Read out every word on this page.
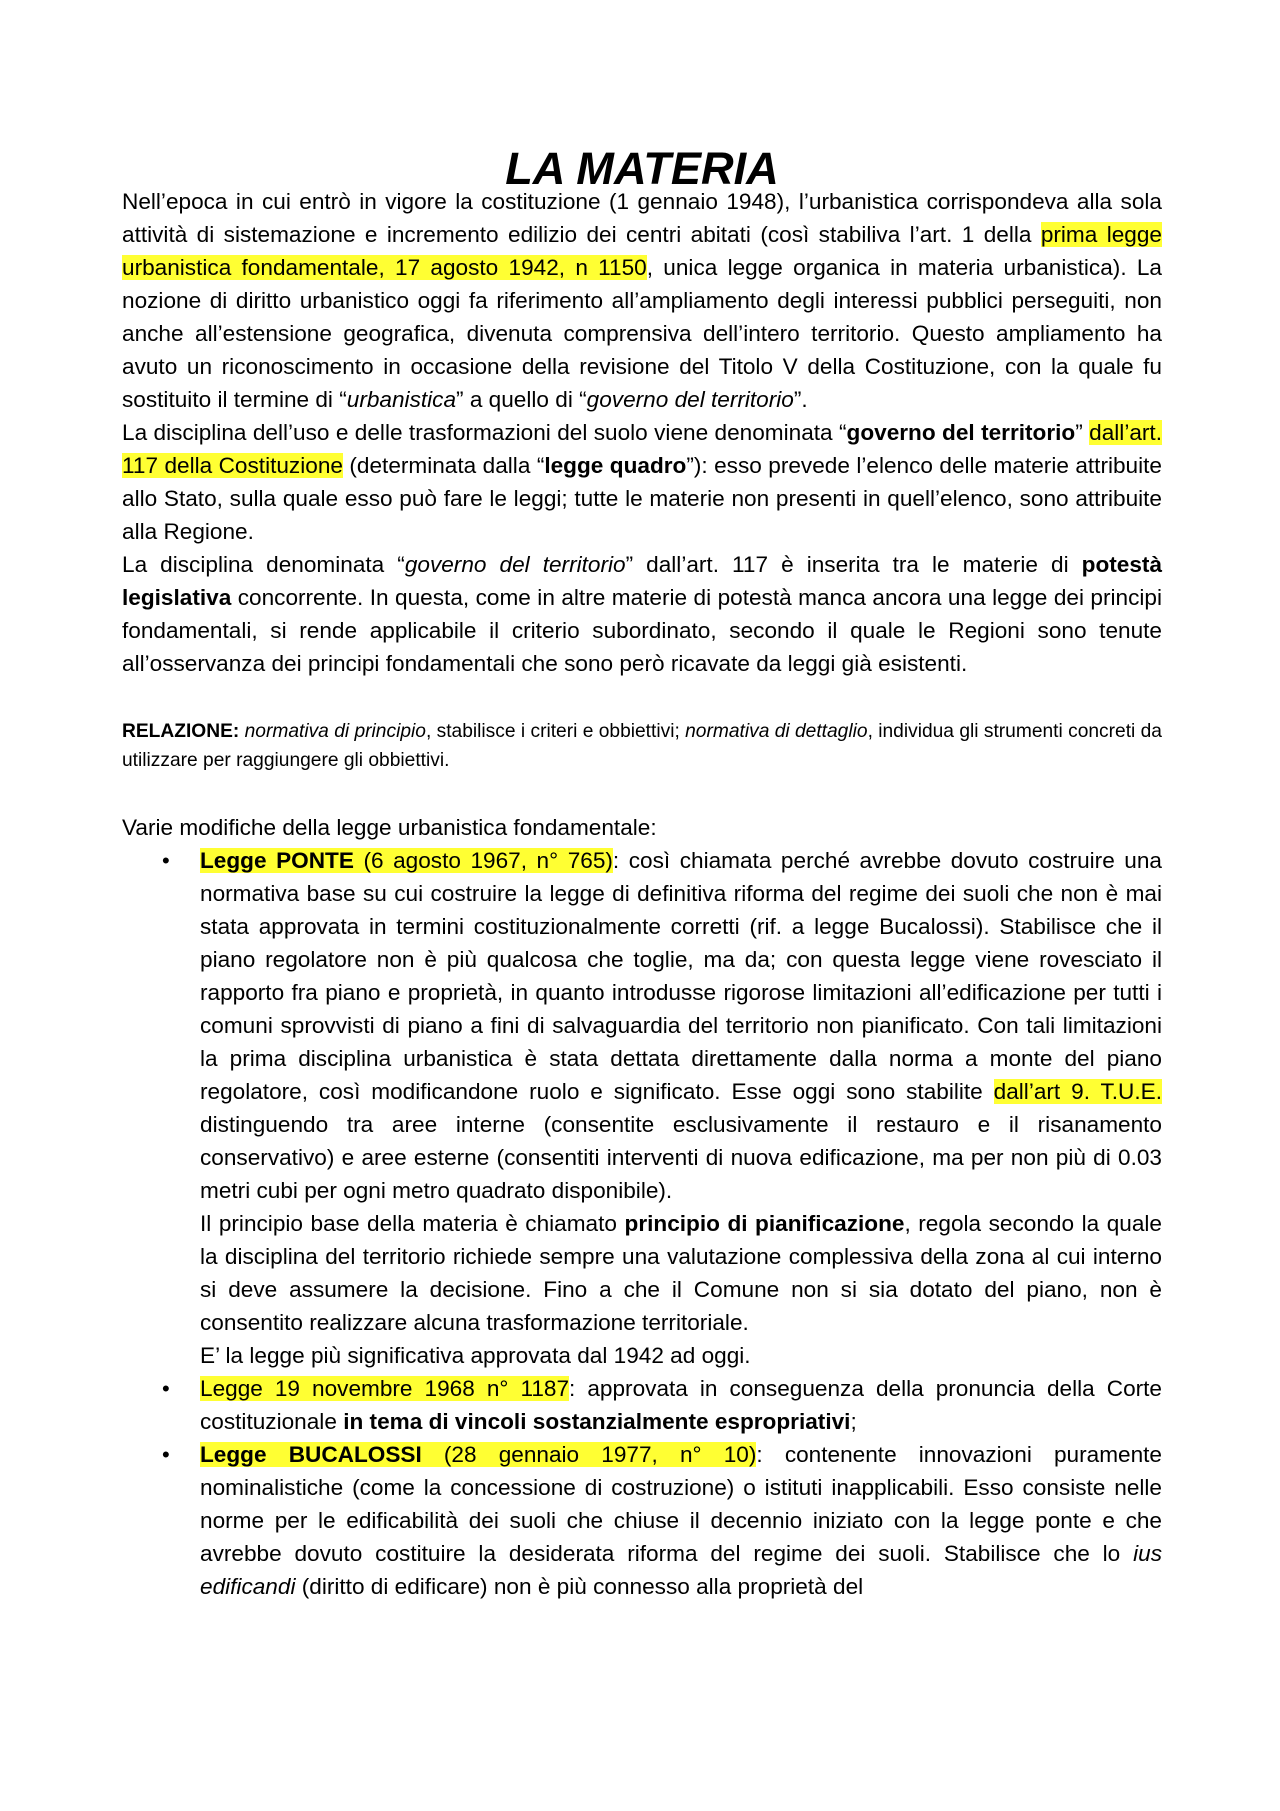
LA MATERIA

Nell’epoca in cui entrò in vigore la costituzione (1 gennaio 1948), l’urbanistica corrispondeva alla sola attività di sistemazione e incremento edilizio dei centri abitati (così stabiliva l’art. 1 della prima legge urbanistica fondamentale, 17 agosto 1942, n 1150, unica legge organica in materia urbanistica). La nozione di diritto urbanistico oggi fa riferimento all’ampliamento degli interessi pubblici perseguiti, non anche all’estensione geografica, divenuta comprensiva dell’intero territorio. Questo ampliamento ha avuto un riconoscimento in occasione della revisione del Titolo V della Costituzione, con la quale fu sostituito il termine di “urbanistica” a quello di “governo del territorio”.

La disciplina dell’uso e delle trasformazioni del suolo viene denominata “governo del territorio” dall’art. 117 della Costituzione (determinata dalla “legge quadro”): esso prevede l’elenco delle materie attribuite allo Stato, sulla quale esso può fare le leggi; tutte le materie non presenti in quell’elenco, sono attribuite alla Regione.

La disciplina denominata “governo del territorio” dall’art. 117 è inserita tra le materie di potestà legislativa concorrente. In questa, come in altre materie di potestà manca ancora una legge dei principi fondamentali, si rende applicabile il criterio subordinato, secondo il quale le Regioni sono tenute all’osservanza dei principi fondamentali che sono però ricavate da leggi già esistenti.

RELAZIONE: normativa di principio, stabilisce i criteri e obbiettivi; normativa di dettaglio, individua gli strumenti concreti da utilizzare per raggiungere gli obbiettivi.

Varie modifiche della legge urbanistica fondamentale:

• Legge PONTE (6 agosto 1967, n° 765): così chiamata perché avrebbe dovuto costruire una normativa base su cui costruire la legge di definitiva riforma del regime dei suoli che non è mai stata approvata in termini costituzionalmente corretti (rif. a legge Bucalossi). Stabilisce che il piano regolatore non è più qualcosa che toglie, ma da; con questa legge viene rovesciato il rapporto fra piano e proprietà, in quanto introdusse rigorose limitazioni all’edificazione per tutti i comuni sprovvisti di piano a fini di salvaguardia del territorio non pianificato. Con tali limitazioni la prima disciplina urbanistica è stata dettata direttamente dalla norma a monte del piano regolatore, così modificandone ruolo e significato. Esse oggi sono stabilite dall’art 9. T.U.E. distinguendo tra aree interne (consentite esclusivamente il restauro e il risanamento conservativo) e aree esterne (consentiti interventi di nuova edificazione, ma per non più di 0.03 metri cubi per ogni metro quadrato disponibile).

Il principio base della materia è chiamato principio di pianificazione, regola secondo la quale la disciplina del territorio richiede sempre una valutazione complessiva della zona al cui interno si deve assumere la decisione. Fino a che il Comune non si sia dotato del piano, non è consentito realizzare alcuna trasformazione territoriale.

E’ la legge più significativa approvata dal 1942 ad oggi.

• Legge 19 novembre 1968 n° 1187: approvata in conseguenza della pronuncia della Corte costituzionale in tema di vincoli sostanzialmente espropriativi;

• Legge BUCALOSSI (28 gennaio 1977, n° 10): contenente innovazioni puramente nominalistiche (come la concessione di costruzione) o istituti inapplicabili. Esso consiste nelle norme per le edificabilità dei suoli che chiuse il decennio iniziato con la legge ponte e che avrebbe dovuto costituire la desiderata riforma del regime dei suoli. Stabilisce che lo ius edificandi (diritto di edificare) non è più connesso alla proprietà del
